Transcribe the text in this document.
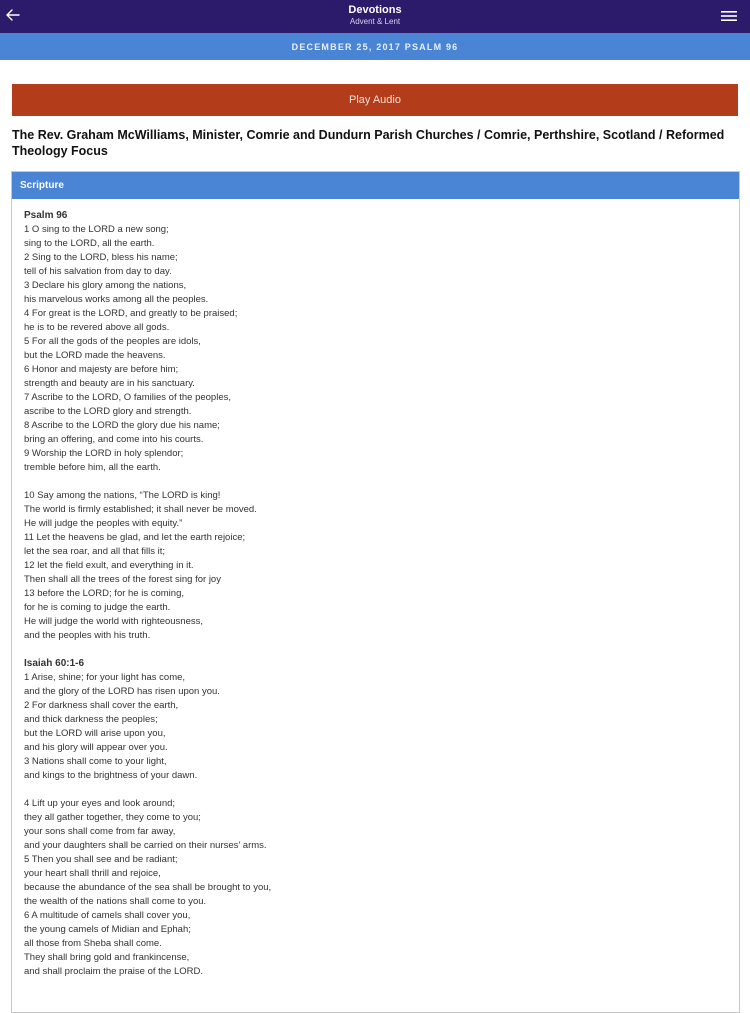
Devotions
Advent & Lent
DECEMBER 25, 2017 PSALM 96
Play Audio
The Rev. Graham McWilliams, Minister, Comrie and Dundurn Parish Churches / Comrie, Perthshire, Scotland / Reformed Theology Focus
Scripture
Psalm 96
1 O sing to the LORD a new song;
sing to the LORD, all the earth.
2 Sing to the LORD, bless his name;
tell of his salvation from day to day.
3 Declare his glory among the nations,
his marvelous works among all the peoples.
4 For great is the LORD, and greatly to be praised;
he is to be revered above all gods.
5 For all the gods of the peoples are idols,
but the LORD made the heavens.
6 Honor and majesty are before him;
strength and beauty are in his sanctuary.
7 Ascribe to the LORD, O families of the peoples,
ascribe to the LORD glory and strength.
8 Ascribe to the LORD the glory due his name;
bring an offering, and come into his courts.
9 Worship the LORD in holy splendor;
tremble before him, all the earth.
10 Say among the nations, “The LORD is king!
The world is firmly established; it shall never be moved.
He will judge the peoples with equity.”
11 Let the heavens be glad, and let the earth rejoice;
let the sea roar, and all that fills it;
12 let the field exult, and everything in it.
Then shall all the trees of the forest sing for joy
13 before the LORD; for he is coming,
for he is coming to judge the earth.
He will judge the world with righteousness,
and the peoples with his truth.
Isaiah 60:1-6
1 Arise, shine; for your light has come,
and the glory of the LORD has risen upon you.
2 For darkness shall cover the earth,
and thick darkness the peoples;
but the LORD will arise upon you,
and his glory will appear over you.
3 Nations shall come to your light,
and kings to the brightness of your dawn.
4 Lift up your eyes and look around;
they all gather together, they come to you;
your sons shall come from far away,
and your daughters shall be carried on their nurses’ arms.
5 Then you shall see and be radiant;
your heart shall thrill and rejoice,
because the abundance of the sea shall be brought to you,
the wealth of the nations shall come to you.
6 A multitude of camels shall cover you,
the young camels of Midian and Ephah;
all those from Sheba shall come.
They shall bring gold and frankincense,
and shall proclaim the praise of the LORD.
